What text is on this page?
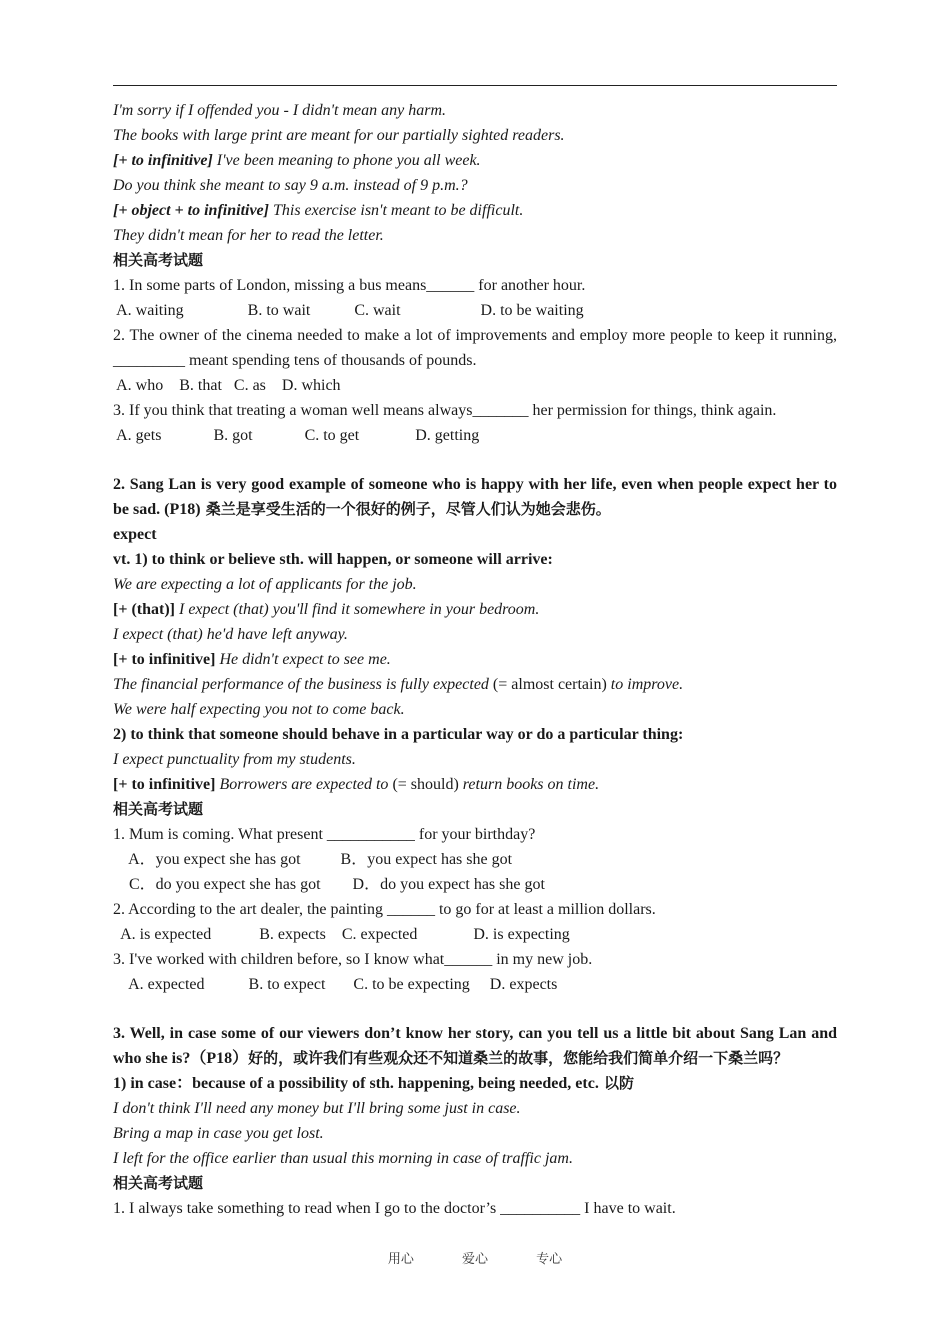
I'm sorry if I offended you - I didn't mean any harm.
The books with large print are meant for our partially sighted readers.
[+ to infinitive] I've been meaning to phone you all week.
Do you think she meant to say 9 a.m. instead of 9 p.m.?
[+ object + to infinitive] This exercise isn't meant to be difficult.
They didn't mean for her to read the letter.
相关高考试题
1. In some parts of London, missing a bus means______ for another hour.
A. waiting                B. to wait           C. wait                    D. to be waiting
2. The owner of the cinema needed to make a lot of improvements and employ more people to keep it running, _________ meant spending tens of thousands of pounds.
A. who    B. that   C. as    D. which
3. If you think that treating a woman well means always_______ her permission for things, think again.
A. gets             B. got             C. to get              D. getting
2. Sang Lan is very good example of someone who is happy with her life, even when people expect her to be sad. (P18) 桑兰是享受生活的一个很好的例子，尽管人们认为她会悲伤。
expect
vt. 1) to think or believe sth. will happen, or someone will arrive:
We are expecting a lot of applicants for the job.
[+ (that)] I expect (that) you'll find it somewhere in your bedroom.
I expect (that) he'd have left anyway.
[+ to infinitive] He didn't expect to see me.
The financial performance of the business is fully expected (= almost certain) to improve.
We were half expecting you not to come back.
2) to think that someone should behave in a particular way or do a particular thing:
I expect punctuality from my students.
[+ to infinitive] Borrowers are expected to (= should) return books on time.
相关高考试题
1. Mum is coming. What present ___________ for your birthday?
A．you expect she has got          B．you expect has she got
C．do you expect she has got        D．do you expect has she got
2. According to the art dealer, the painting ______ to go for at least a million dollars.
A. is expected            B. expects    C. expected              D. is expecting
3. I've worked with children before, so I know what______ in my new job.
A. expected           B. to expect       C. to be expecting     D. expects
3. Well, in case some of our viewers don’t know her story, can you tell us a little bit about Sang Lan and who she is?（P18）好的，或许我们有些观众还不知道桑兰的故事，您能给我们简单介绍一下桑兰吗？
1) in case：because of a possibility of sth. happening, being needed, etc. 以防
I don't think I'll need any money but I'll bring some just in case.
Bring a map in case you get lost.
I left for the office earlier than usual this morning in case of traffic jam.
相关高考试题
1. I always take something to read when I go to the doctor’s __________ I have to wait.
用心	爱心	专心
